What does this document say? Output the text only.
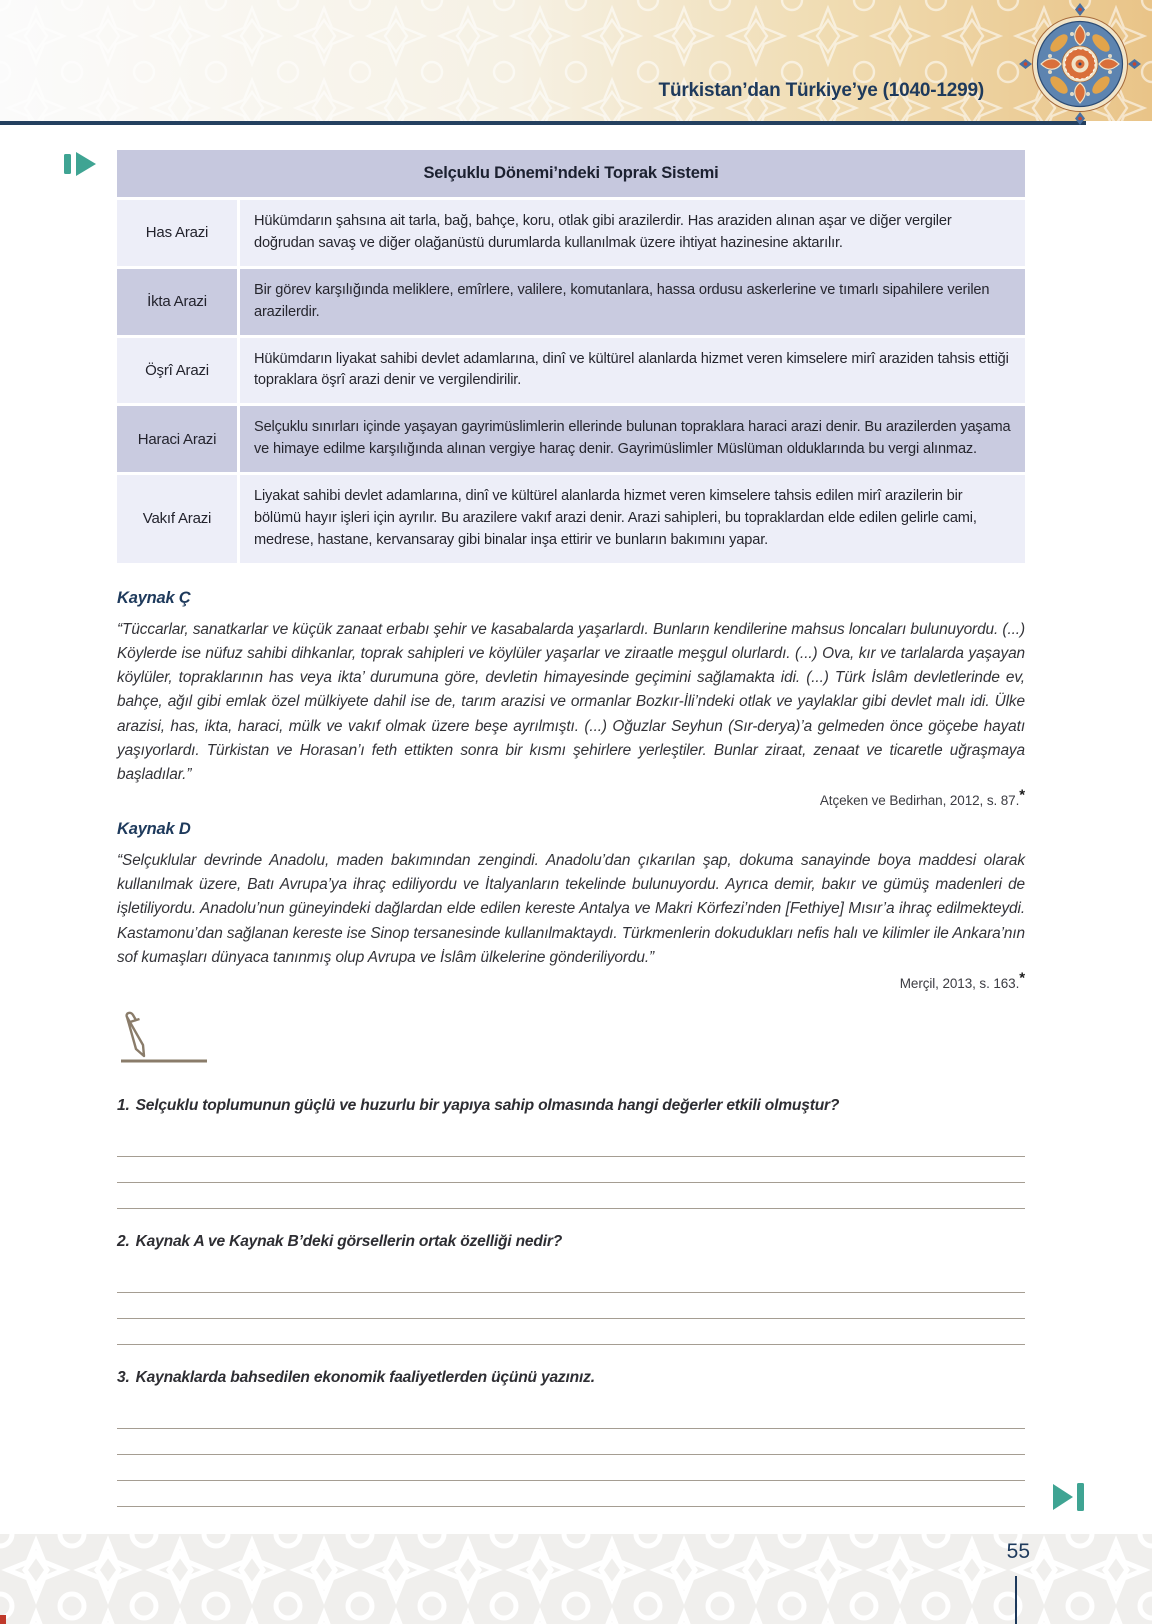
Türkistan’dan Türkiye’ye (1040-1299)
Selçuklu Dönemi’ndeki Toprak Sistemi
Has Arazi
Hükümdarın şahsına ait tarla, bağ, bahçe, koru, otlak gibi arazilerdir. Has araziden alınan aşar ve diğer vergiler doğrudan savaş ve diğer olağanüstü durumlarda kullanılmak üzere ihtiyat hazinesine aktarılır.
İkta Arazi
Bir görev karşılığında meliklere, emîrlere, valilere, komutanlara, hassa ordusu askerlerine ve tımarlı sipahilere verilen arazilerdir.
Öşrî Arazi
Hükümdarın liyakat sahibi devlet adamlarına, dinî ve kültürel alanlarda hizmet veren kimselere mirî araziden tahsis ettiği topraklara öşrî arazi denir ve vergilendirilir.
Haraci Arazi
Selçuklu sınırları içinde yaşayan gayrimüslimlerin ellerinde bulunan topraklara haraci arazi denir. Bu arazilerden yaşama ve himaye edilme karşılığında alınan vergiye haraç denir. Gayrimüslimler Müslüman olduklarında bu vergi alınmaz.
Vakıf Arazi
Liyakat sahibi devlet adamlarına, dinî ve kültürel alanlarda hizmet veren kimselere tahsis edilen mirî arazilerin bir bölümü hayır işleri için ayrılır. Bu arazilere vakıf arazi denir. Arazi sahipleri, bu topraklardan elde edilen gelirle cami, medrese, hastane, kervansaray gibi binalar inşa ettirir ve bunların bakımını yapar.
Kaynak Ç

“Tüccarlar, sanatkarlar ve küçük zanaat erbabı şehir ve kasabalarda yaşarlardı. Bunların kendilerine mahsus loncaları bulunuyordu. (...) Köylerde ise nüfuz sahibi dihkanlar, toprak sahipleri ve köylüler yaşarlar ve ziraatle meşgul olurlardı. (...) Ova, kır ve tarlalarda yaşayan köylüler, topraklarının has veya ikta’ durumuna göre, devletin himayesinde geçimini sağlamakta idi. (...) Türk İslâm devletlerinde ev, bahçe, ağıl gibi emlak özel mülkiyete dahil ise de, tarım arazisi ve ormanlar Bozkır-İli’ndeki otlak ve yaylaklar gibi devlet malı idi. Ülke arazisi, has, ikta, haraci, mülk ve vakıf olmak üzere beşe ayrılmıştı. (...) Oğuzlar Seyhun (Sır-derya)’a gelmeden önce göçebe hayatı yaşıyorlardı. Türkistan ve Horasan’ı feth ettikten sonra bir kısmı şehirlere yerleştiler. Bunlar ziraat, zenaat ve ticaretle uğraşmaya başladılar.”

Atçeken ve Bedirhan, 2012, s. 87.*

Kaynak D

“Selçuklular devrinde Anadolu, maden bakımından zengindi. Anadolu’dan çıkarılan şap, dokuma sanayinde boya maddesi olarak kullanılmak üzere, Batı Avrupa’ya ihraç ediliyordu ve İtalyanların tekelinde bulunuyordu. Ayrıca demir, bakır ve gümüş madenleri de işletiliyordu. Anadolu’nun güneyindeki dağlardan elde edilen kereste Antalya ve Makri Körfezi’nden [Fethiye] Mısır’a ihraç edilmekteydi. Kastamonu’dan sağlanan kereste ise Sinop tersanesinde kullanılmaktaydı. Türkmenlerin dokudukları nefis halı ve kilimler ile Ankara’nın sof kumaşları dünyaca tanınmış olup Avrupa ve İslâm ülkelerine gönderiliyordu.”

Merçil, 2013, s. 163.*

1. Selçuklu toplumunun güçlü ve huzurlu bir yapıya sahip olmasında hangi değerler etkili olmuştur?
2. Kaynak A ve Kaynak B’deki görsellerin ortak özelliği nedir?
3. Kaynaklarda bahsedilen ekonomik faaliyetlerden üçünü yazınız.
55
